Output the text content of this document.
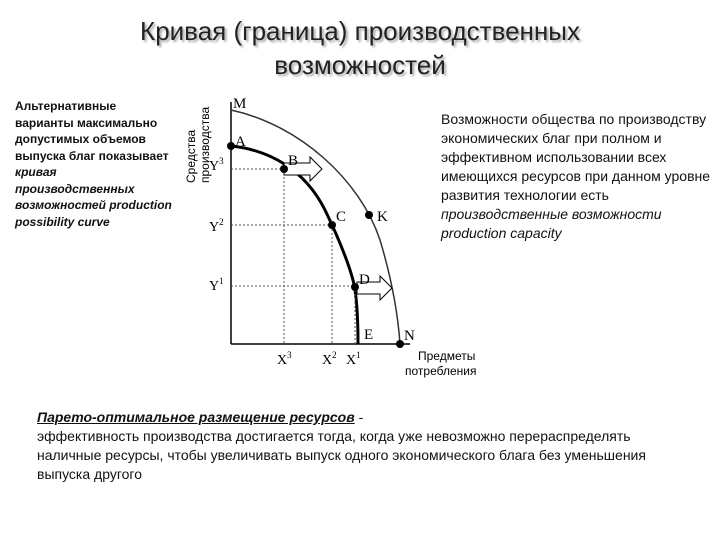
Кривая (граница) производственных
возможностей
Альтернативные варианты максимально допустимых объемов выпуска благ показывает кривая производственных возможностей production possibility curve
Возможности общества по производству экономических благ при полном и эффективном использовании всех имеющихся ресурсов при данном уровне развития технологии есть производственные возможности production capacity
M
A
B
C K
D
E N
$Y^3$
$Y^2$
$Y^1$
$X^3$ $X^2$ $X^1$
Средства производства
Предметы
потребления
Парето-оптимальное размещение ресурсов -
эффективность производства достигается тогда, когда уже невозможно перераспределять наличные ресурсы, чтобы увеличивать выпуск одного экономического блага без уменьшения выпуска другого
